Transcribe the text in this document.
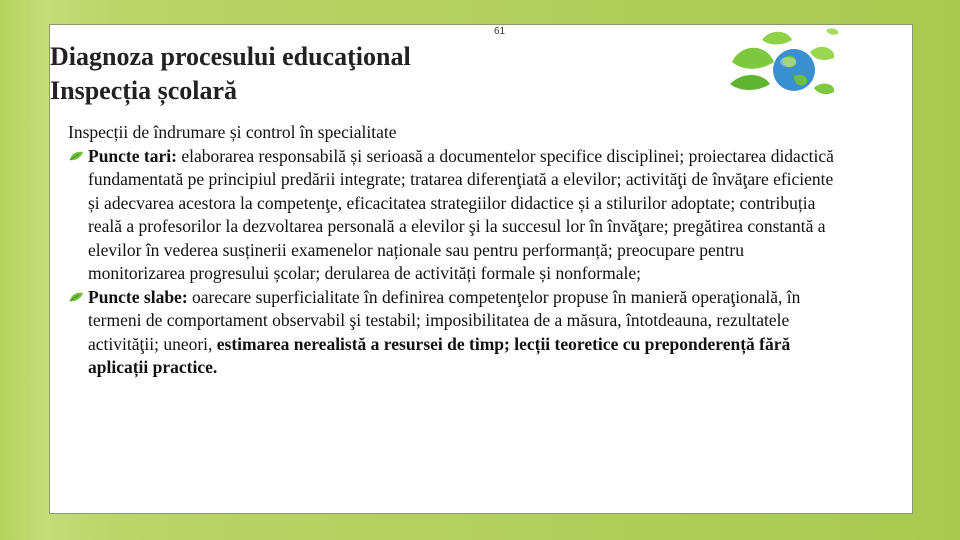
61
Diagnoza procesului educaţional
Inspecția școlară

Inspecții de îndrumare și control în specialitate

Puncte tari: elaborarea responsabilă și serioasă a documentelor specifice disciplinei; proiectarea didactică fundamentată pe principiul predării integrate; tratarea diferenţiată a elevilor; activităţi de învăţare eficiente și adecvarea acestora la competenţe, eficacitatea strategiilor didactice și a stilurilor adoptate; contribuția reală a profesorilor la dezvoltarea personală a elevilor şi la succesul lor în învăţare; pregătirea constantă a elevilor în vederea susținerii examenelor naționale sau pentru performanță; preocupare pentru monitorizarea progresului școlar; derularea de activități formale și nonformale;

Puncte slabe: oarecare superficialitate în definirea competenţelor propuse în manieră operaţională, în termeni de comportament observabil şi testabil; imposibilitatea de a măsura, întotdeauna, rezultatele activităţii; uneori, estimarea nerealistă a resursei de timp; lecții teoretice cu preponderență fără aplicații practice.
